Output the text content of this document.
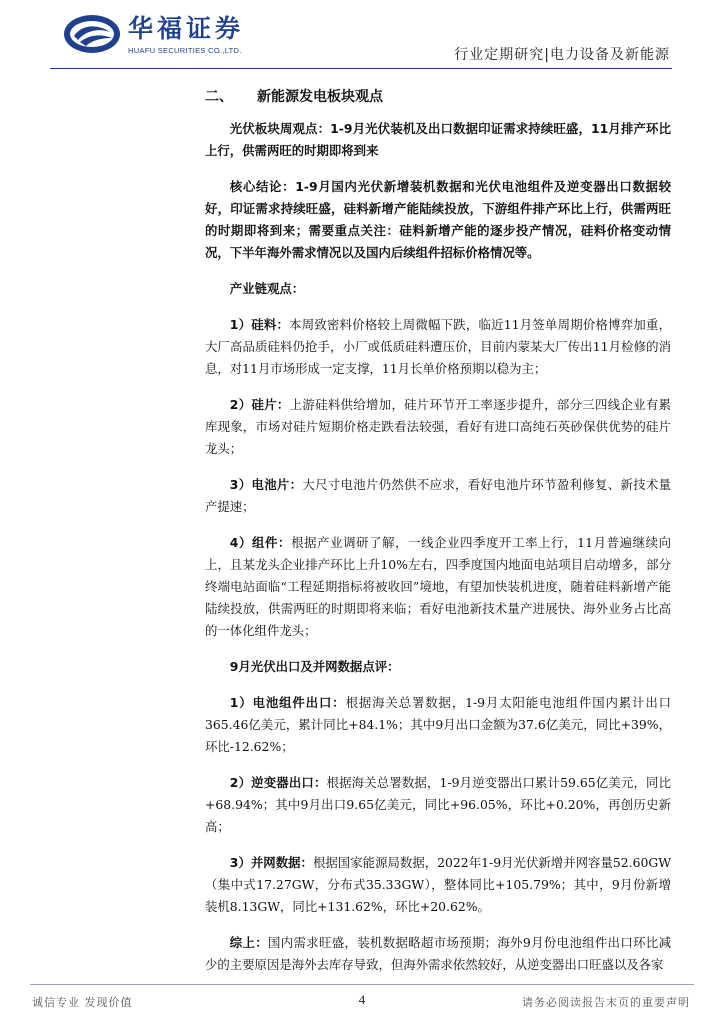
华福证券
HUAFU SECURITIES CO.,LTD.	行业定期研究|电力设备及新能源
二、 新能源发电板块观点

光伏板块周观点：1-9月光伏装机及出口数据印证需求持续旺盛，11月排产环比上行，供需两旺的时期即将到来

核心结论：1-9月国内光伏新增装机数据和光伏电池组件及逆变器出口数据较好，印证需求持续旺盛，硅料新增产能陆续投放，下游组件排产环比上行，供需两旺的时期即将到来；需要重点关注：硅料新增产能的逐步投产情况，硅料价格变动情况，下半年海外需求情况以及国内后续组件招标价格情况等。

产业链观点：

1）硅料：本周致密料价格较上周微幅下跌，临近11月签单周期价格博弈加重，大厂高品质硅料仍抢手，小厂或低质硅料遭压价，目前内蒙某大厂传出11月检修的消息，对11月市场形成一定支撑，11月长单价格预期以稳为主；

2）硅片：上游硅料供给增加，硅片环节开工率逐步提升，部分三四线企业有累库现象，市场对硅片短期价格走跌看法较强，看好有进口高纯石英砂保供优势的硅片龙头；

3）电池片：大尺寸电池片仍然供不应求，看好电池片环节盈利修复、新技术量产提速；

4）组件：根据产业调研了解，一线企业四季度开工率上行，11月普遍继续向上，且某龙头企业排产环比上升10%左右，四季度国内地面电站项目启动增多，部分终端电站面临“工程延期指标将被收回”境地，有望加快装机进度，随着硅料新增产能陆续投放，供需两旺的时期即将来临；看好电池新技术量产进展快、海外业务占比高的一体化组件龙头；

9月光伏出口及并网数据点评：

1）电池组件出口：根据海关总署数据，1-9月太阳能电池组件国内累计出口365.46亿美元，累计同比+84.1%；其中9月出口金额为37.6亿美元，同比+39%，环比-12.62%；

2）逆变器出口：根据海关总署数据，1-9月逆变器出口累计59.65亿美元，同比+68.94%；其中9月出口9.65亿美元，同比+96.05%，环比+0.20%，再创历史新高；

3）并网数据：根据国家能源局数据，2022年1-9月光伏新增并网容量52.60GW（集中式17.27GW，分布式35.33GW），整体同比+105.79%；其中，9月份新增装机8.13GW，同比+131.62%，环比+20.62%。

综上：国内需求旺盛，装机数据略超市场预期；海外9月份电池组件出口环比减少的主要原因是海外去库存导致，但海外需求依然较好，从逆变器出口旺盛以及各家

诚信专业 发现价值	4	请务必阅读报告末页的重要声明
